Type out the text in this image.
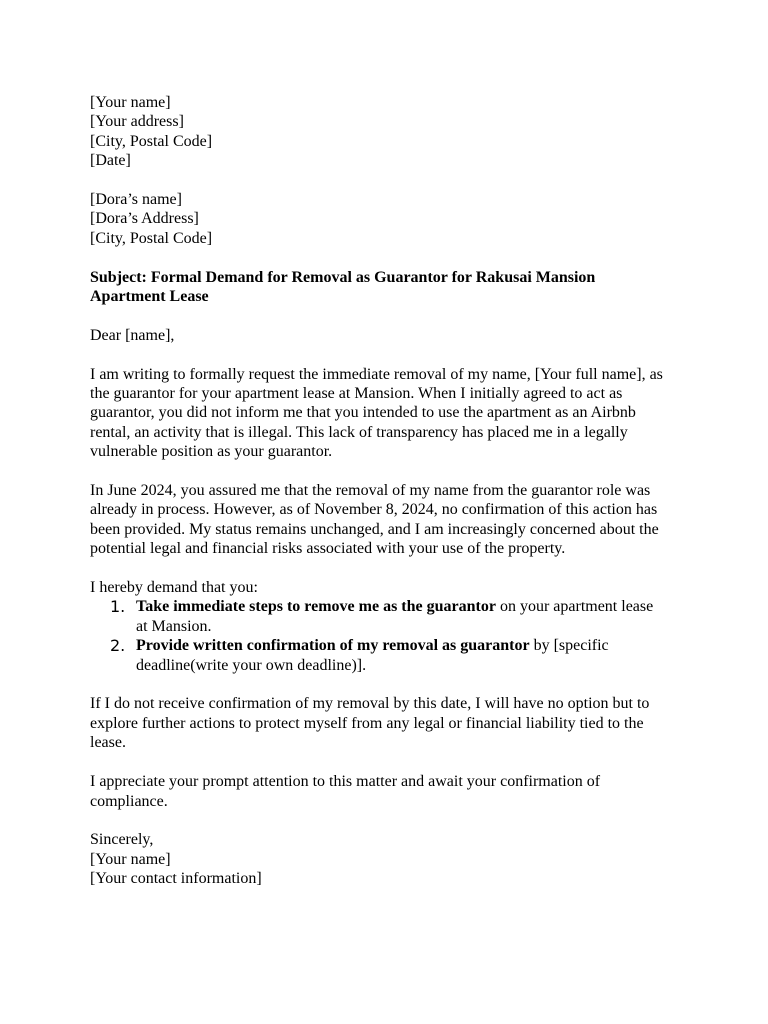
[Your name]
[Your address]
[City, Postal Code]
[Date]
[Dora’s name]
[Dora’s Address]
[City, Postal Code]
Subject: Formal Demand for Removal as Guarantor for Rakusai Mansion
Apartment Lease

Dear [name],

I am writing to formally request the immediate removal of my name, [Your full name], as
the guarantor for your apartment lease at Mansion. When I initially agreed to act as
guarantor, you did not inform me that you intended to use the apartment as an Airbnb
rental, an activity that is illegal. This lack of transparency has placed me in a legally
vulnerable position as your guarantor.

In June 2024, you assured me that the removal of my name from the guarantor role was
already in process. However, as of November 8, 2024, no confirmation of this action has
been provided. My status remains unchanged, and I am increasingly concerned about the
potential legal and financial risks associated with your use of the property.

I hereby demand that you:

1. Take immediate steps to remove me as the guarantor on your apartment lease
at Mansion.
2. Provide written confirmation of my removal as guarantor by [specific
deadline(write your own deadline)].

If I do not receive confirmation of my removal by this date, I will have no option but to
explore further actions to protect myself from any legal or financial liability tied to the
lease.

I appreciate your prompt attention to this matter and await your confirmation of
compliance.

Sincerely,
[Your name]
[Your contact information]
